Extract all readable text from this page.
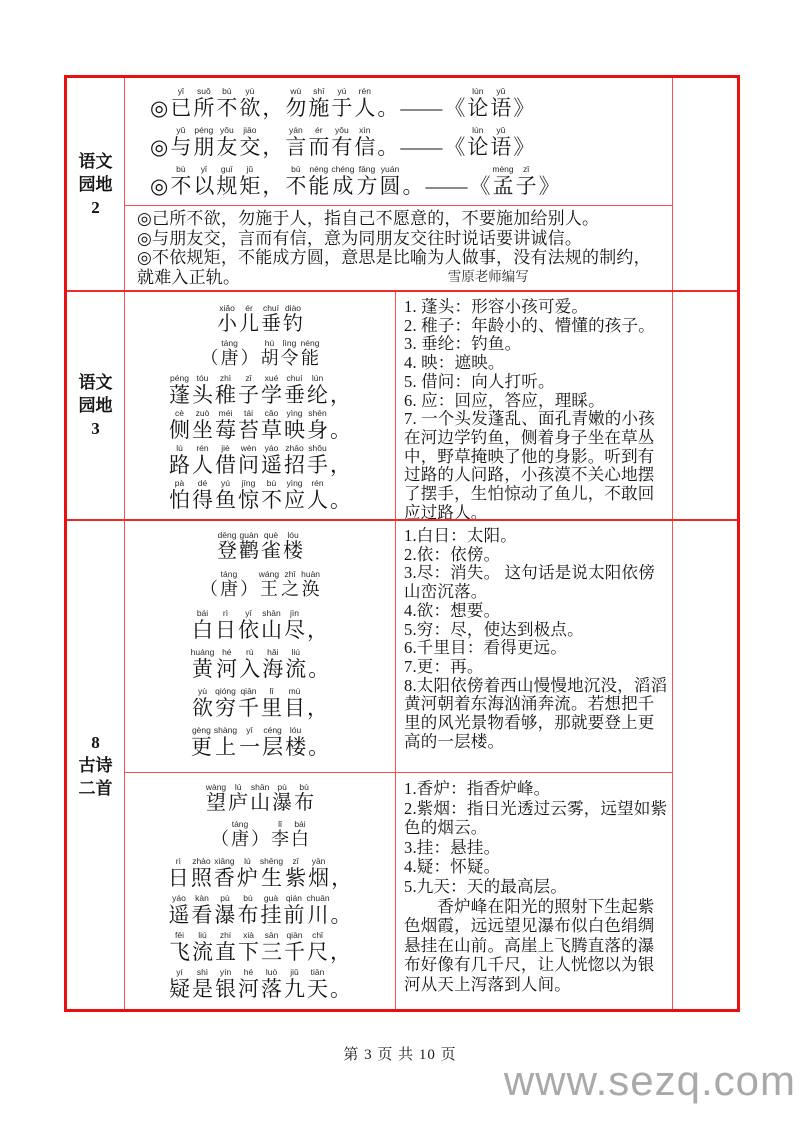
语文
园地
2
◎已yǐ所suǒ不bù欲yù，勿wù施shī于yú人rén。——《论lún语yǔ》
◎与yǔ朋péng友yǒu交jiāo，言yán而ér有yǒu信xìn。——《论lún语yǔ》
◎不bù以yǐ规guī矩jǔ，不bù能néng成chéng方fāng圆yuán。——《孟mèng子zǐ》
◎己所不欲，勿施于人，指自己不愿意的，不要施加给别人。
◎与朋友交，言而有信，意为同朋友交往时说话要讲诚信。
◎不依规矩，不能成方圆，意思是比喻为人做事，没有法规的制约，就难入正轨。	雪原老师编写
语文
园地
3
小xiǎo儿ér垂chuí钓diào
（ 唐táng） 胡hú令lìng能néng
蓬péng头tóu稚zhì子zǐ学xué垂chuí纶lún，
侧cè坐zuò莓méi苔tái草cǎo映yìng身shēn。
路lù人rén借jiè问wèn遥yáo招zhāo手shǒu，
怕pà得dé鱼yú惊jīng不bù应yìng人rén。
1. 蓬头：形容小孩可爱。
2. 稚子：年龄小的、懵懂的孩子。
3. 垂纶：钓鱼。
4. 映：遮映。
5. 借问：向人打听。
6. 应：回应，答应，理睬。
7. 一个头发蓬乱、面孔青嫩的小孩在河边学钓鱼，侧着身子坐在草丛中，野草掩映了他的身影。听到有过路的人问路，小孩漠不关心地摆了摆手，生怕惊动了鱼儿，不敢回应过路人。
8
古诗
二首
登dēng鹳guàn雀què楼lóu
（ 唐táng）王wáng之zhī涣huàn
白bái日rì依yī山shān尽jìn，
黄huáng河hé入rù海hǎi流liú。
欲yù穷qióng千qiān里lǐ目mù，
更gèng上shàng一yī层céng楼lóu。
1.白日：太阳。
2.依：依傍。
3.尽：消失。 这句话是说太阳依傍山峦沉落。
4.欲：想要。
5.穷：尽，使达到极点。
6.千里目：看得更远。
7.更：再。
8.太阳依傍着西山慢慢地沉没，滔滔黄河朝着东海汹涌奔流。若想把千里的风光景物看够，那就要登上更高的一层楼。
望wàng庐lú山shān瀑pù布bù
（ 唐táng） 李lǐ白bái
日rì照zhào香xiāng炉lú生shēng紫zǐ烟yān，
遥yáo看kàn瀑pù布bù挂guà前qián川chuān。
飞fēi流liú直zhí下xià三sān千qiān尺chǐ，
疑yí是shì银yín河hé落luò九jiǔ天tiān。
1.香炉：指香炉峰。
2.紫烟：指日光透过云雾，远望如紫色的烟云。
3.挂：悬挂。
4.疑：怀疑。
5.九天：天的最高层。
　　香炉峰在阳光的照射下生起紫色烟霞，远远望见瀑布似白色绢绸悬挂在山前。高崖上飞腾直落的瀑布好像有几千尺，让人恍惚以为银河从天上泻落到人间。
第 3 页 共 10 页
www.sezq.com
